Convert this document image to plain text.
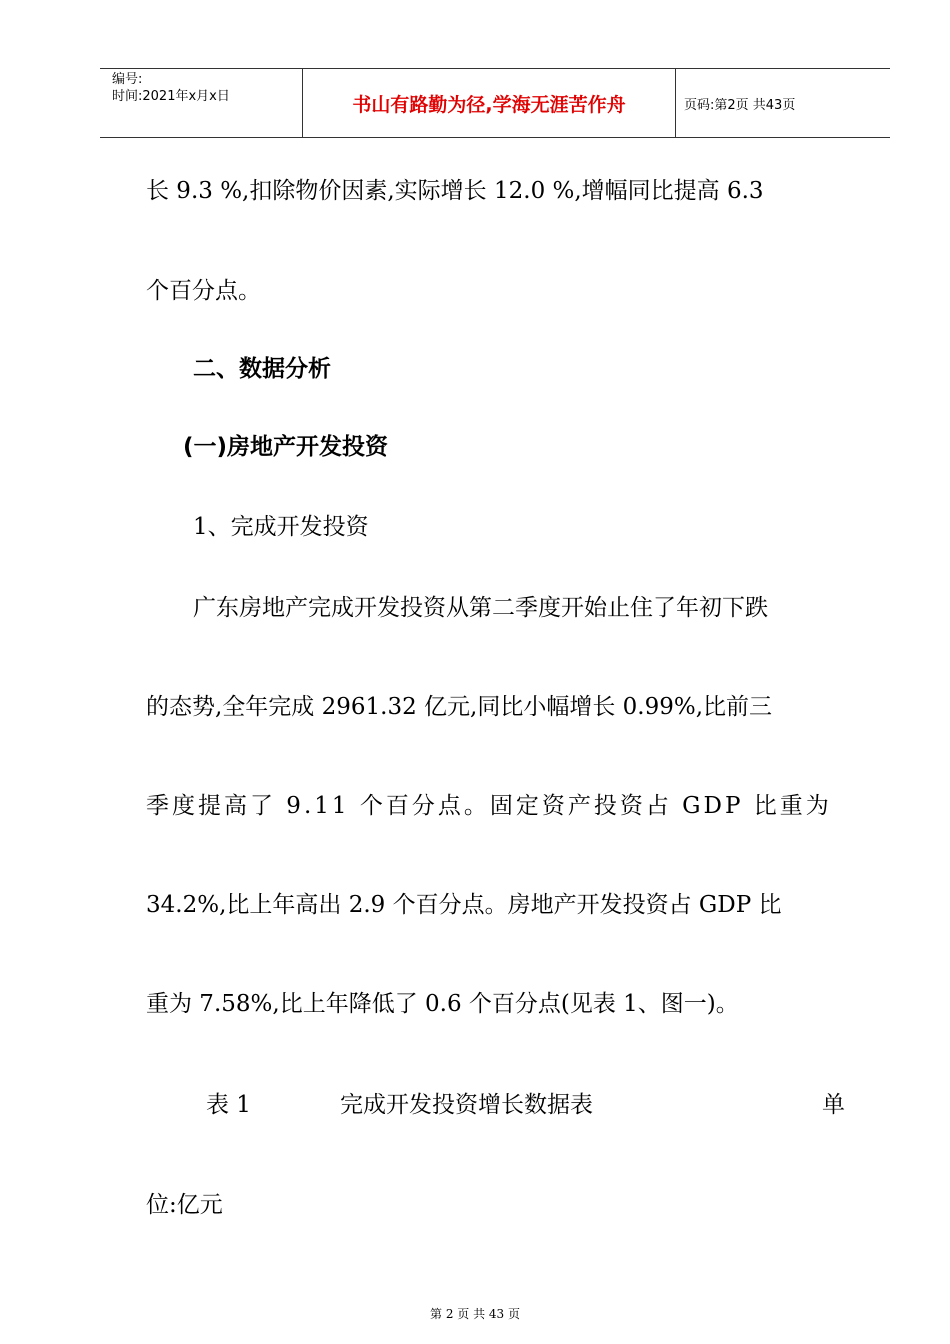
编号:
时间:2021年x月x日	书山有路勤为径,学海无涯苦作舟	页码:第2页 共43页
长 9.3 %,扣除物价因素,实际增长 12.0 %,增幅同比提高 6.3
个百分点。
二、数据分析
(一)房地产开发投资
1、完成开发投资
广东房地产完成开发投资从第二季度开始止住了年初下跌
的态势,全年完成 2961.32 亿元,同比小幅增长 0.99%,比前三
季度提高了 9.11 个百分点。固定资产投资占 GDP 比重为
34.2%,比上年高出 2.9 个百分点。房地产开发投资占 GDP 比
重为 7.58%,比上年降低了 0.6 个百分点(见表 1、图一)。
表 1	完成开发投资增长数据表	单
位:亿元
第 2 页 共 43 页
